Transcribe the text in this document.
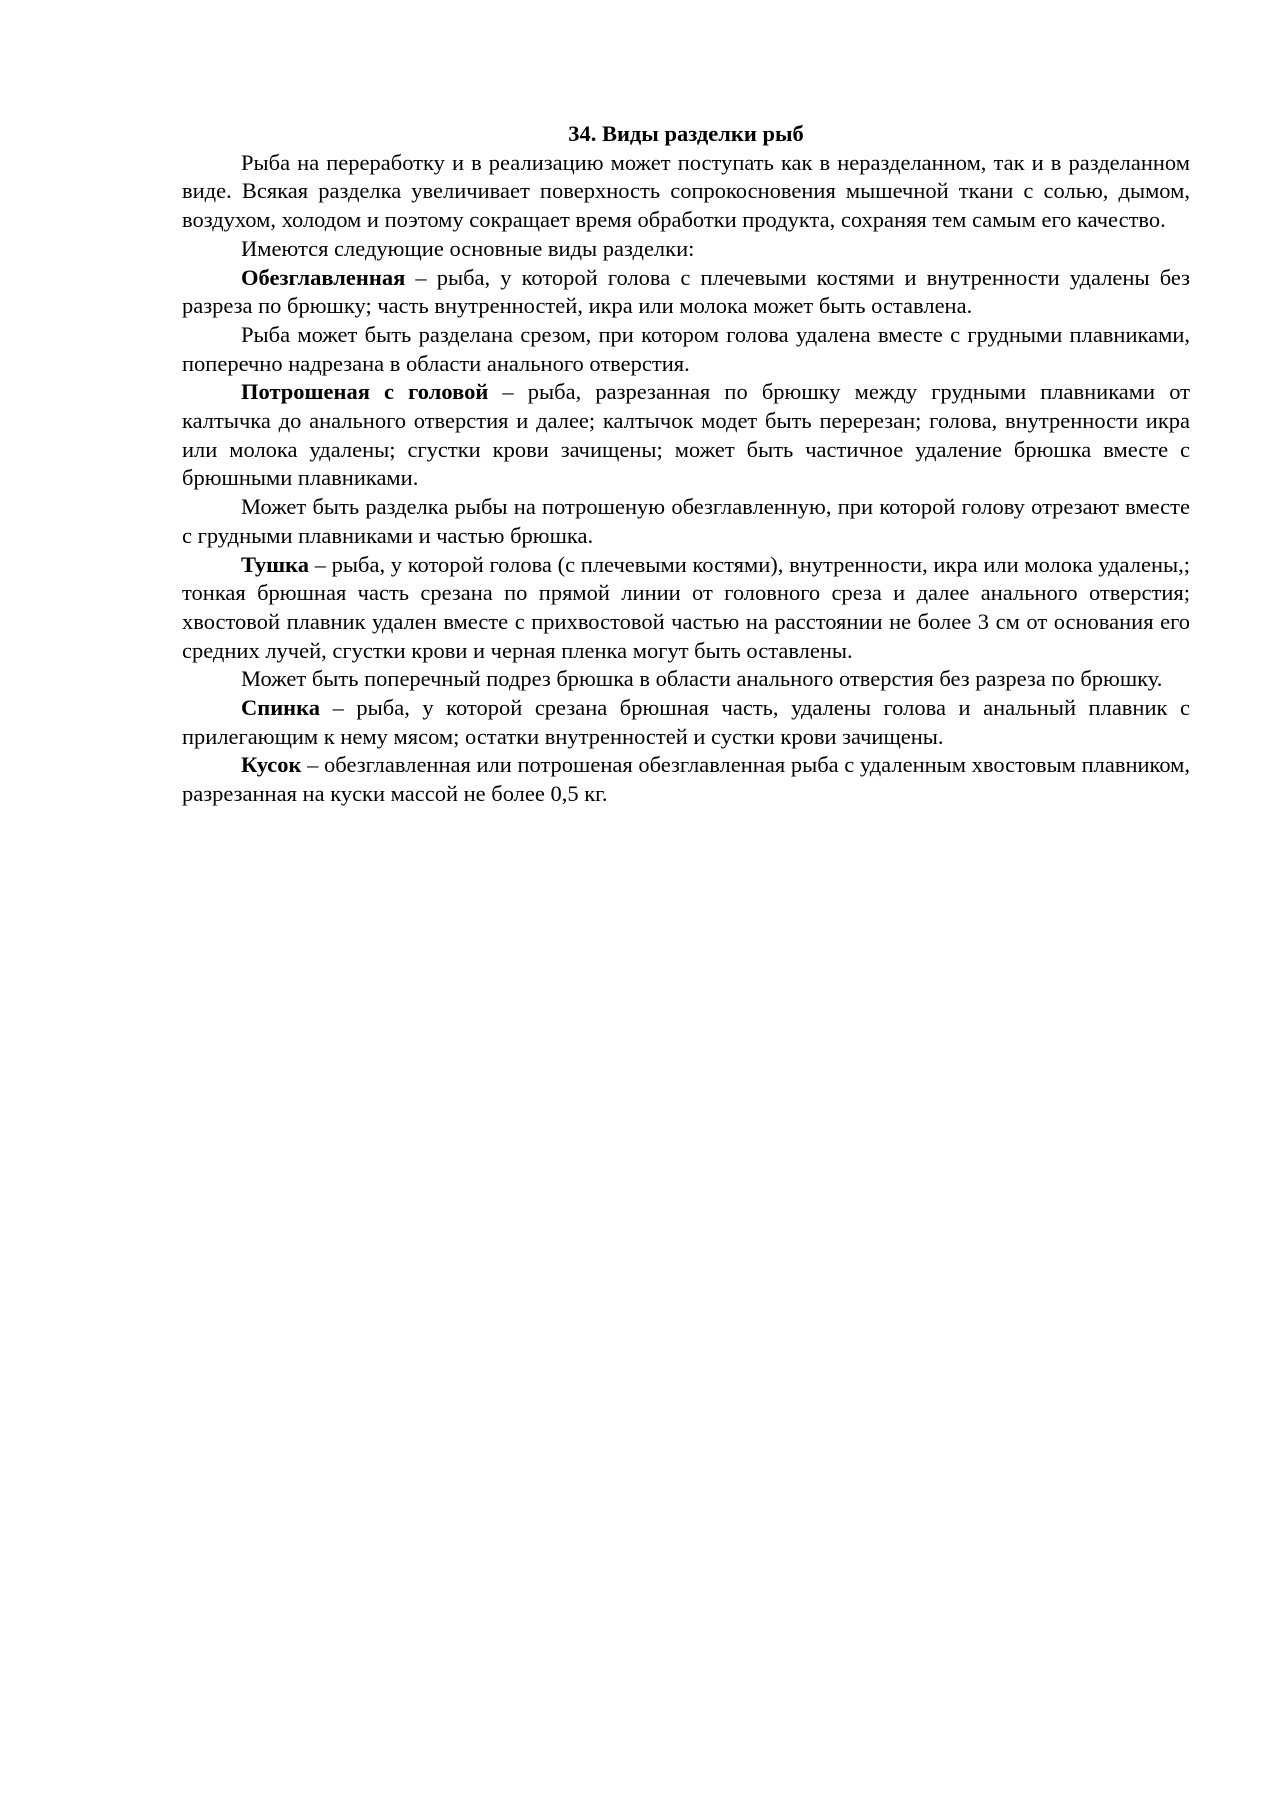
34. Виды разделки рыб

Рыба на переработку и в реализацию может поступать как в неразделанном, так и в разделанном виде. Всякая разделка увеличивает поверхность сопрокосновения мышечной ткани с солью, дымом, воздухом, холодом и поэтому сокращает время обработки продукта, сохраняя тем самым его качество.

Имеются следующие основные виды разделки:

Обезглавленная – рыба, у которой голова с плечевыми костями и внутренности удалены без разреза по брюшку; часть внутренностей, икра или молока может быть оставлена.

Рыба может быть разделана срезом, при котором голова удалена вместе с грудными плавниками, поперечно надрезана в области анального отверстия.

Потрошеная с головой – рыба, разрезанная по брюшку между грудными плавниками от калтычка до анального отверстия и далее; калтычок модет быть перерезан; голова, внутренности икра или молока удалены; сгустки крови зачищены; может быть частичное удаление брюшка вместе с брюшными плавниками.

Может быть разделка рыбы на потрошеную обезглавленную, при которой голову отрезают вместе с грудными плавниками и частью брюшка.

Тушка – рыба, у которой голова (с плечевыми костями), внутренности, икра или молока удалены,; тонкая брюшная часть срезана по прямой линии от головного среза и далее анального отверстия; хвостовой плавник удален вместе с прихвостовой частью на расстоянии не более 3 см от основания его средних лучей, сгустки крови и черная пленка могут быть оставлены.

Может быть поперечный подрез брюшка в области анального отверстия без разреза по брюшку.

Спинка – рыба, у которой срезана брюшная часть, удалены голова и анальный плавник с прилегающим к нему мясом; остатки внутренностей и сустки крови зачищены.

Кусок – обезглавленная или потрошеная обезглавленная рыба с удаленным хвостовым плавником, разрезанная на куски массой не более 0,5 кг.
